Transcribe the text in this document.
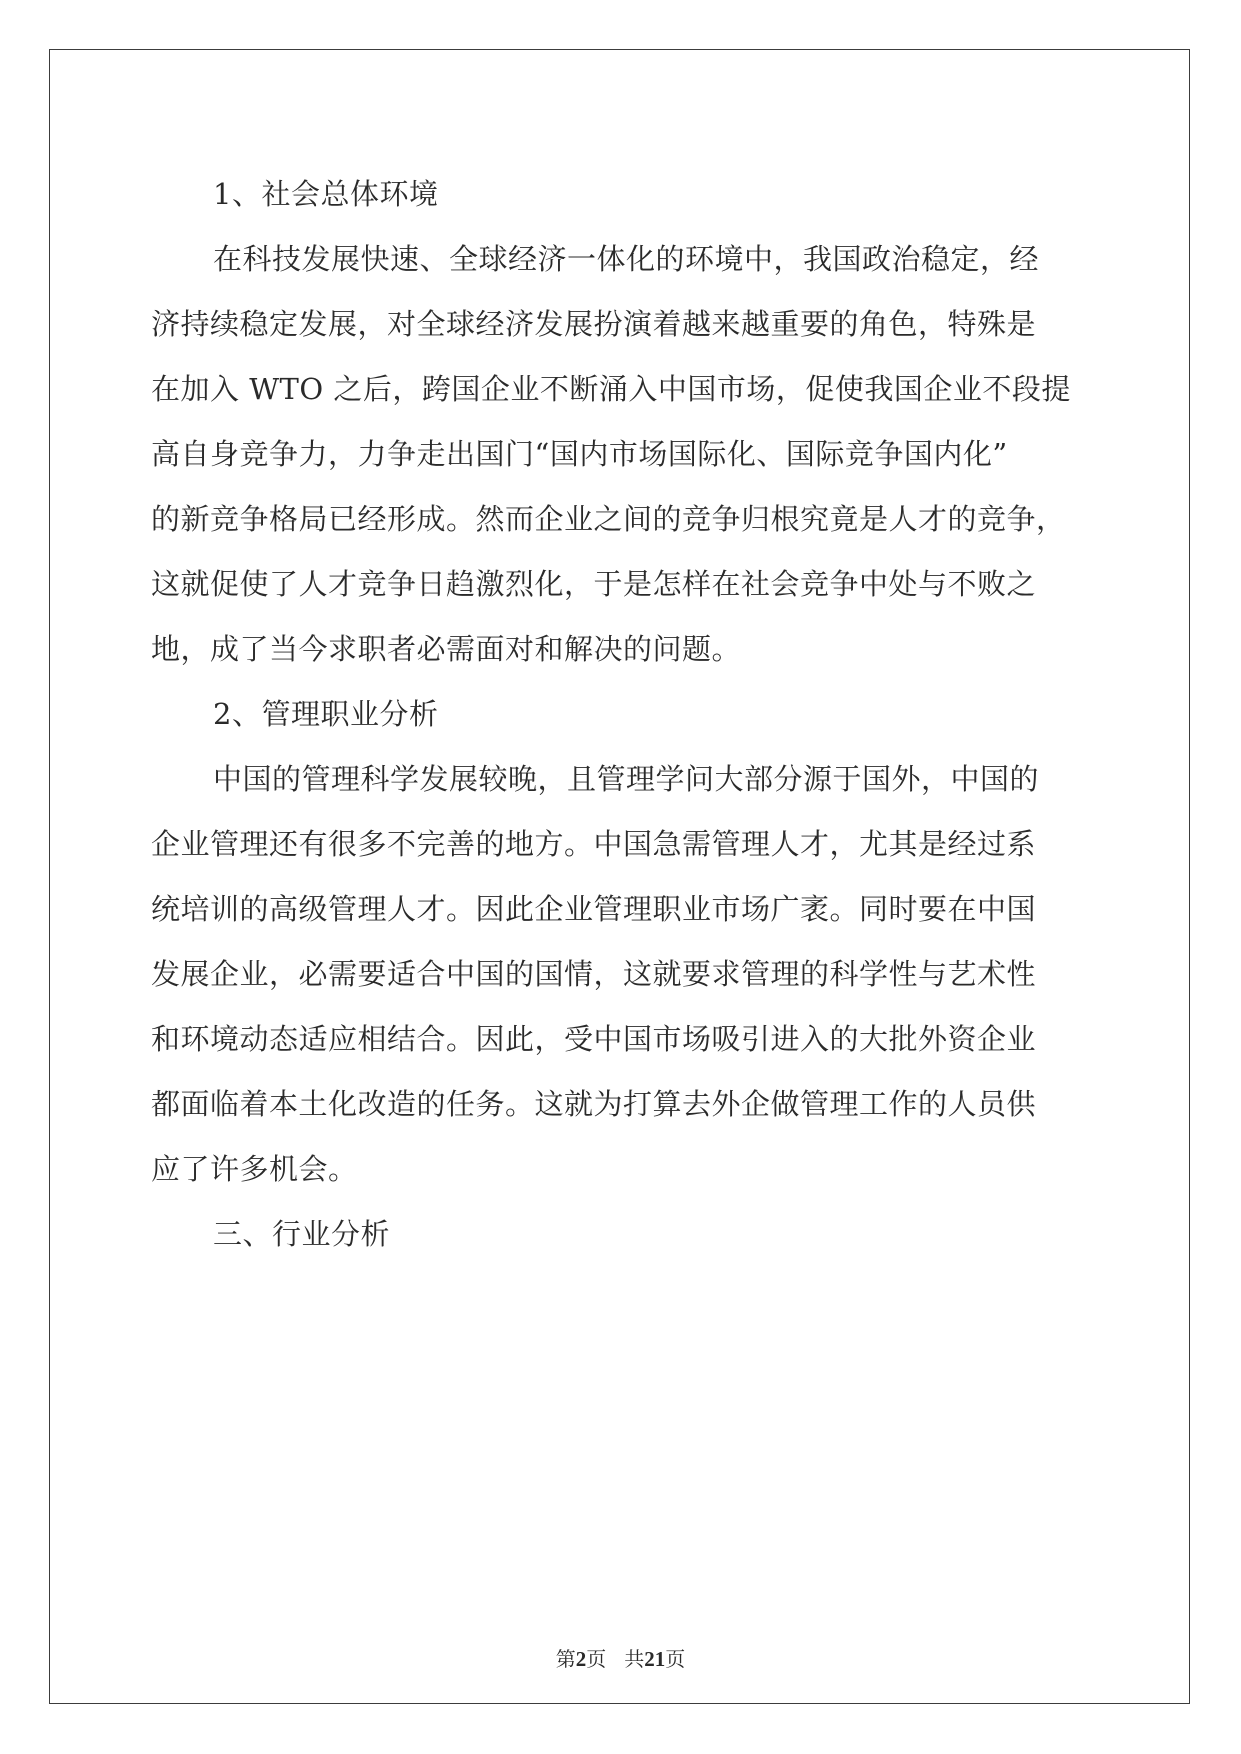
1、社会总体环境
在科技发展快速、全球经济一体化的环境中，我国政治稳定，经
济持续稳定发展，对全球经济发展扮演着越来越重要的角色，特殊是
在加入 WTO 之后，跨国企业不断涌入中国市场，促使我国企业不段提
高自身竞争力，力争走出国门“国内市场国际化、国际竞争国内化”
的新竞争格局已经形成。然而企业之间的竞争归根究竟是人才的竞争，
这就促使了人才竞争日趋激烈化，于是怎样在社会竞争中处与不败之
地，成了当今求职者必需面对和解决的问题。
2、管理职业分析
中国的管理科学发展较晚，且管理学问大部分源于国外，中国的
企业管理还有很多不完善的地方。中国急需管理人才，尤其是经过系
统培训的高级管理人才。因此企业管理职业市场广袤。同时要在中国
发展企业，必需要适合中国的国情，这就要求管理的科学性与艺术性
和环境动态适应相结合。因此，受中国市场吸引进入的大批外资企业
都面临着本土化改造的任务。这就为打算去外企做管理工作的人员供
应了许多机会。
三、行业分析
第2页 共21页
